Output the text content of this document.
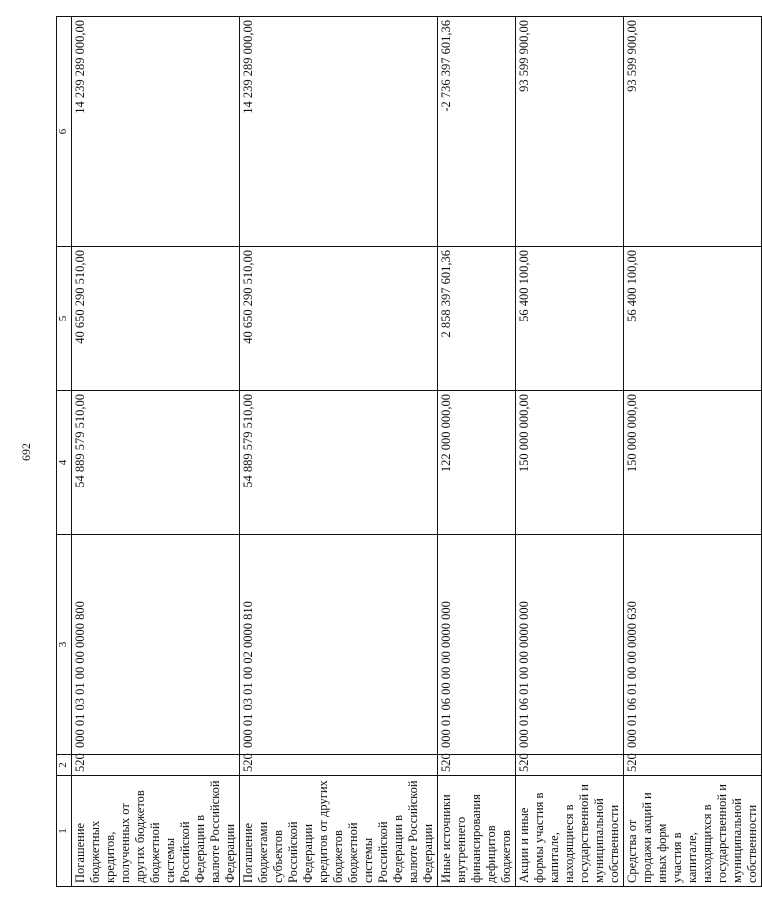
692
1	2	3	4	5	6
Погашение бюджетных кредитов, полученных от других бюджетов бюджетной системы Российской Федерации в валюте Российской Федерации	520	000 01 03 01 00 00 0000 800	54 889 579 510,00	40 650 290 510,00	14 239 289 000,00
Погашение бюджетами субъектов Российской Федерации кредитов от других бюджетов бюджетной системы Российской Федерации в валюте Российской Федерации	520	000 01 03 01 00 02 0000 810	54 889 579 510,00	40 650 290 510,00	14 239 289 000,00
Иные источники внутреннего финансирования дефицитов бюджетов	520	000 01 06 00 00 00 0000 000	122 000 000,00	2 858 397 601,36	-2 736 397 601,36
Акции и иные формы участия в капитале, находящиеся в государственной и муниципальной собственности	520	000 01 06 01 00 00 0000 000	150 000 000,00	56 400 100,00	93 599 900,00
Средства от продажи акций и иных форм участия в капитале, находящихся в государственной и муниципальной собственности	520	000 01 06 01 00 00 0000 630	150 000 000,00	56 400 100,00	93 599 900,00
